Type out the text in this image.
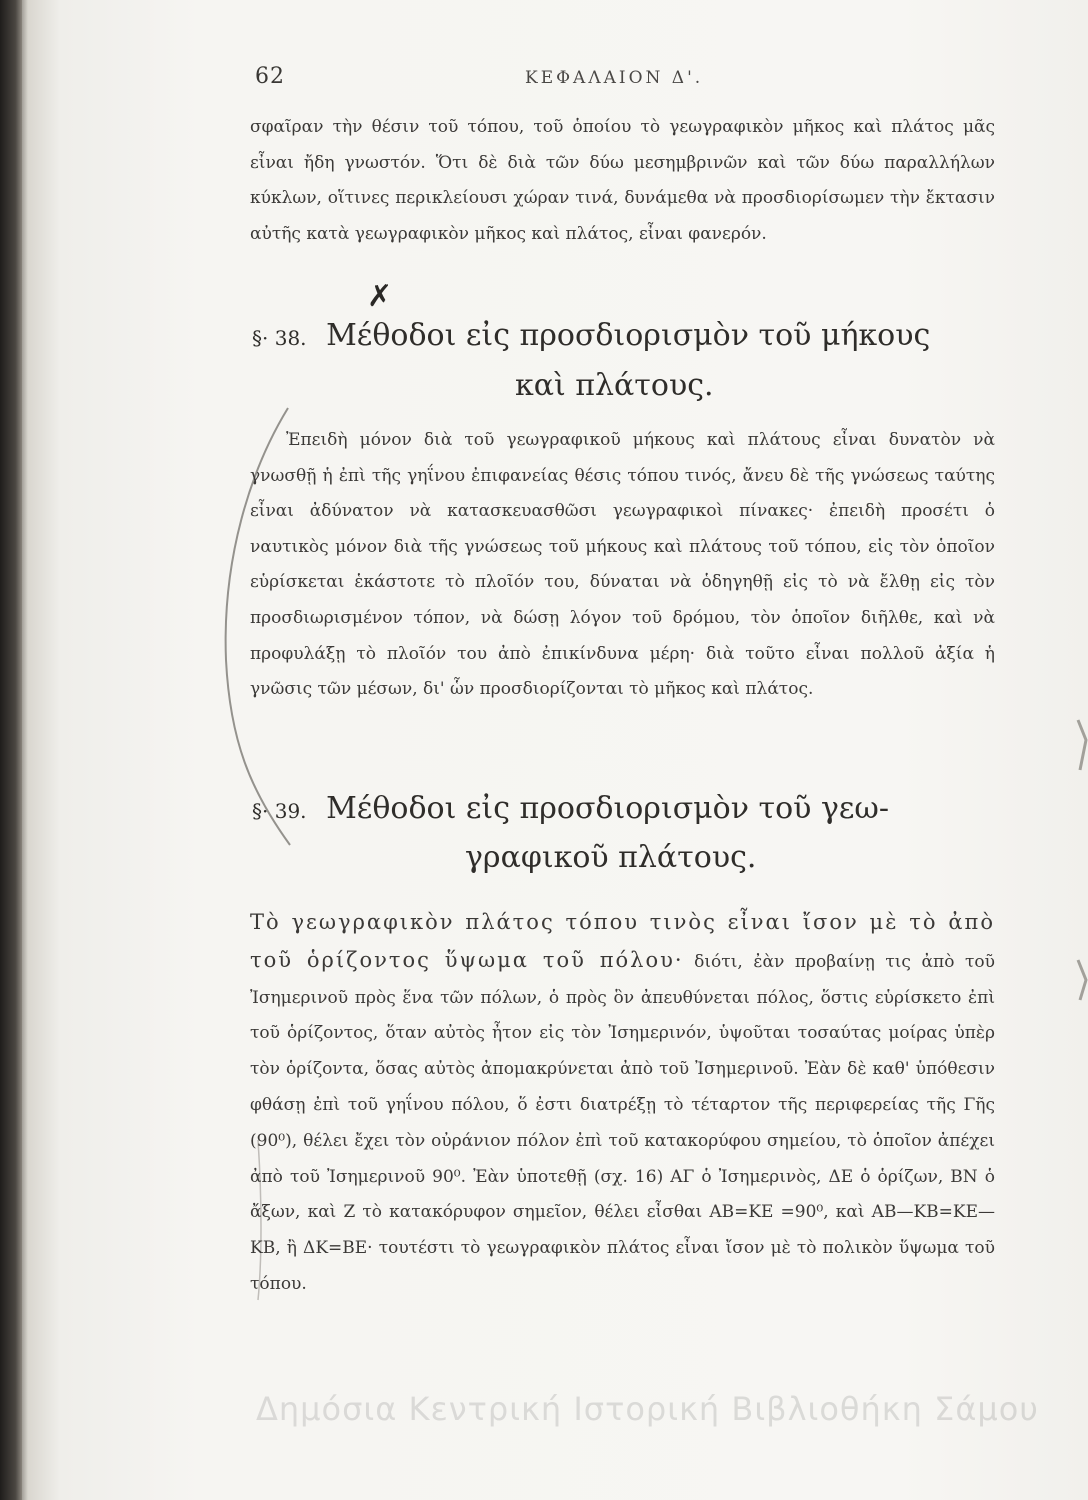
62	ΚΕΦΑΛΑΙΟΝ Δ'.

σφαῖραν τὴν θέσιν τοῦ τόπου, τοῦ ὁποίου τὸ γεωγραφικὸν μῆκος καὶ πλάτος μᾶς εἶναι ἤδη γνωστόν. Ὅτι δὲ διὰ τῶν δύω μεσημβρινῶν καὶ τῶν δύω παραλλήλων κύκλων, οἵτινες περικλείουσι χώραν τινά, δυνάμεθα νὰ προσδιορίσωμεν τὴν ἔκτασιν αὐτῆς κατὰ γεωγραφικὸν μῆκος καὶ πλάτος, εἶναι φανερόν.

✗
§· 38. Μέθοδοι εἰς προσδιορισμὸν τοῦ μήκους
καὶ πλάτους.

Ἐπειδὴ μόνον διὰ τοῦ γεωγραφικοῦ μήκους καὶ πλάτους εἶναι δυνατὸν νὰ γνωσθῇ ἡ ἐπὶ τῆς γηΐνου ἐπιφανείας θέσις τόπου τινός, ἄνευ δὲ τῆς γνώσεως ταύτης εἶναι ἀδύνατον νὰ κατασκευασθῶσι γεωγραφικοὶ πίνακες· ἐπειδὴ προσέτι ὁ ναυτικὸς μόνον διὰ τῆς γνώσεως τοῦ μήκους καὶ πλάτους τοῦ τόπου, εἰς τὸν ὁποῖον εὑρίσκεται ἑκάστοτε τὸ πλοῖόν του, δύναται νὰ ὁδηγηθῇ εἰς τὸ νὰ ἔλθῃ εἰς τὸν προσδιωρισμένον τόπον, νὰ δώσῃ λόγον τοῦ δρόμου, τὸν ὁποῖον διῆλθε, καὶ νὰ προφυλάξῃ τὸ πλοῖόν του ἀπὸ ἐπικίνδυνα μέρη· διὰ τοῦτο εἶναι πολλοῦ ἀξία ἡ γνῶσις τῶν μέσων, δι' ὧν προσδιορίζονται τὸ μῆκος καὶ πλάτος.

§· 39. Μέθοδοι εἰς προσδιορισμὸν τοῦ γεω-
γραφικοῦ πλάτους.

Τὸ γεωγραφικὸν πλάτος τόπου τινὸς εἶναι ἴσον μὲ τὸ ἀπὸ τοῦ ὁρίζοντος ὕψωμα τοῦ πόλου· διότι, ἐὰν προβαίνῃ τις ἀπὸ τοῦ Ἰσημερινοῦ πρὸς ἕνα τῶν πόλων, ὁ πρὸς ὃν ἀπευθύνεται πόλος, ὅστις εὑρίσκετο ἐπὶ τοῦ ὁρίζοντος, ὅταν αὐτὸς ἦτον εἰς τὸν Ἰσημερινόν, ὑψοῦται τοσαύτας μοίρας ὑπὲρ τὸν ὁρίζοντα, ὅσας αὐτὸς ἀπομακρύνεται ἀπὸ τοῦ Ἰσημερινοῦ. Ἐὰν δὲ καθ' ὑπόθεσιν φθάσῃ ἐπὶ τοῦ γηΐνου πόλου, ὅ ἐστι διατρέξῃ τὸ τέταρτον τῆς περιφερείας τῆς Γῆς (90⁰), θέλει ἔχει τὸν οὐράνιον πόλον ἐπὶ τοῦ κατακορύφου σημείου, τὸ ὁποῖον ἀπέχει ἀπὸ τοῦ Ἰσημερινοῦ 90⁰. Ἐὰν ὑποτεθῇ (σχ. 16) ΑΓ ὁ Ἰσημερινὸς, ΔΕ ὁ ὁρίζων, ΒΝ ὁ ἄξων, καὶ Ζ τὸ κατακόρυφον σημεῖον, θέλει εἶσθαι ΑΒ=ΚΕ =90⁰, καὶ ΑΒ—ΚΒ=ΚΕ—ΚΒ, ἢ ΔΚ=ΒΕ· τουτέστι τὸ γεωγραφικὸν πλάτος εἶναι ἴσον μὲ τὸ πολικὸν ὕψωμα τοῦ τόπου.

Δημόσια Κεντρική Ιστορική Βιβλιοθήκη Σάμου
